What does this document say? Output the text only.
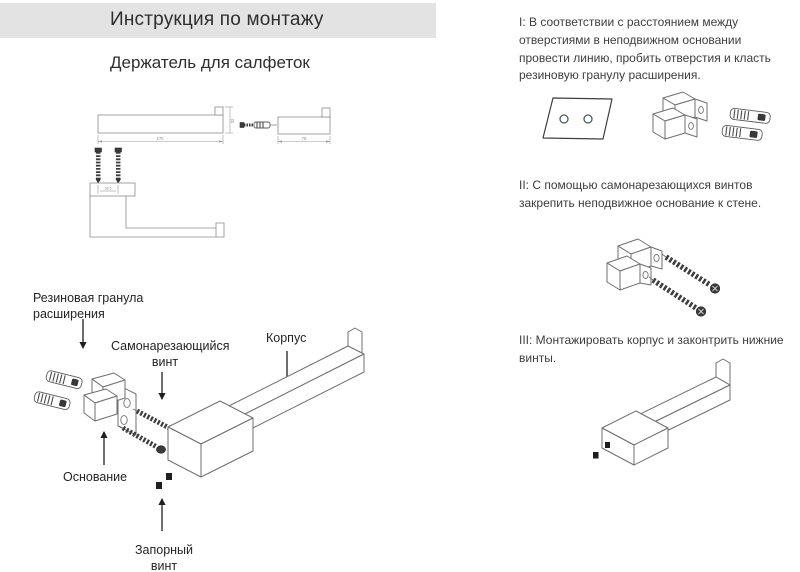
Инструкция по монтажу
Держатель для салфеток
170
32
78
38.5
Резиновая гранула
расширения
Самонарезающийся
винт
Корпус
Основание
Запорный
винт
I: В соответствии с расстоянием между отверстиями в неподвижном основании провести линию, пробить отверстия и класть резиновую гранулу расширения.
II: С помощью самонарезающихся винтов закрепить неподвижное основание к стене.
III: Монтажировать корпус и законтрить нижние винты.
